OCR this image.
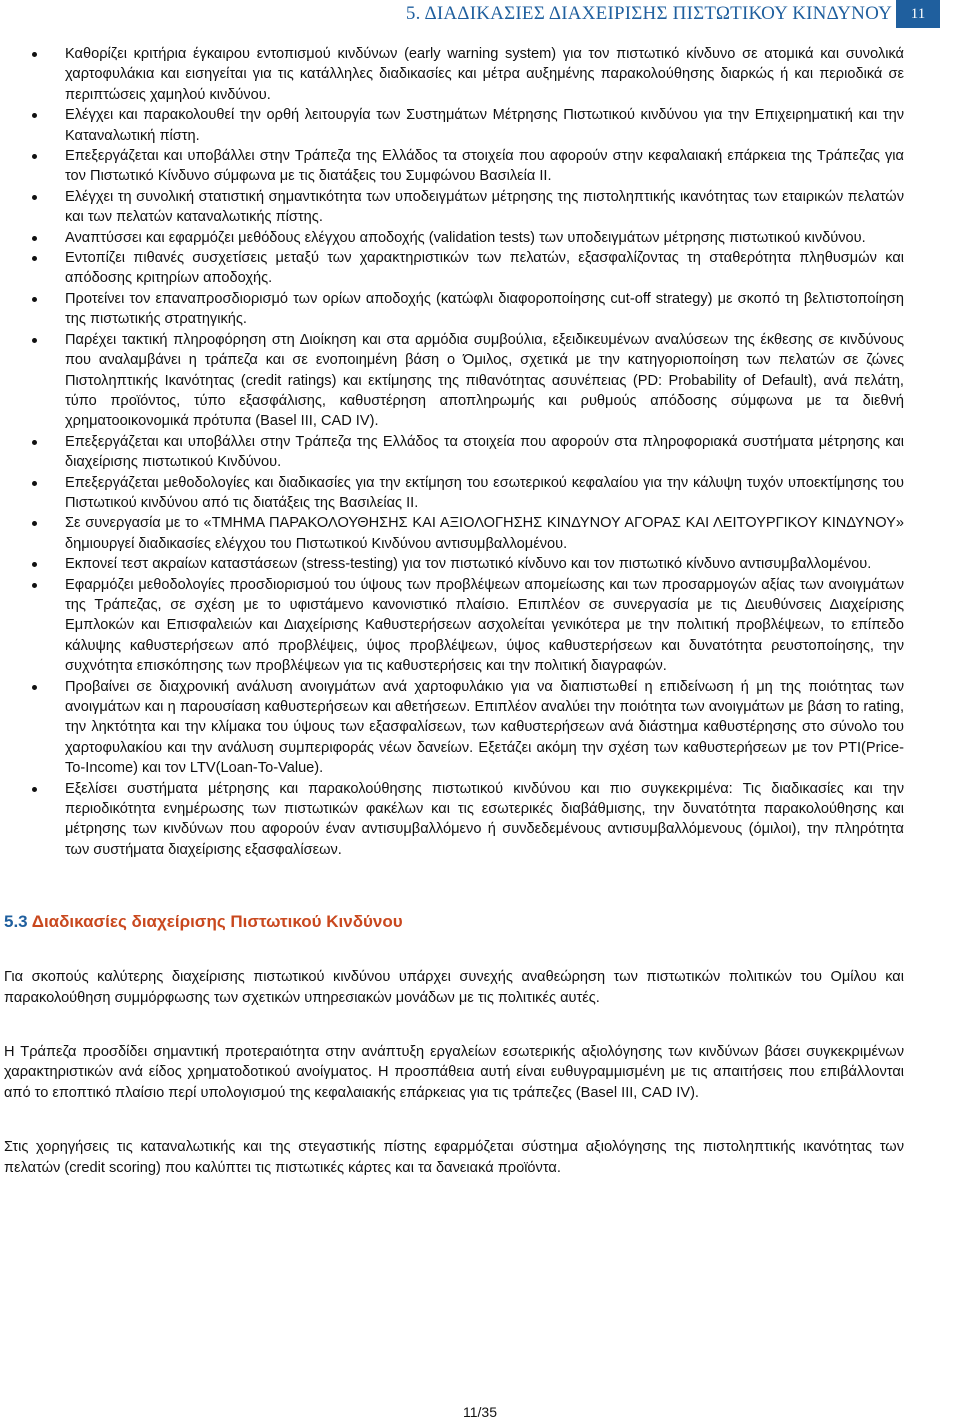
5. ΔΙΑΔΙΚΑΣΙΕΣ ΔΙΑΧΕΙΡΙΣΗΣ ΠΙΣΤΩΤΙΚΟΥ ΚΙΝΔΥΝΟΥ	11
Καθορίζει κριτήρια έγκαιρου εντοπισμού κινδύνων (early warning system) για τον πιστωτικό κίνδυνο σε ατομικά και συνολικά χαρτοφυλάκια και εισηγείται για τις κατάλληλες διαδικασίες και μέτρα αυξημένης παρακολούθησης διαρκώς ή και περιοδικά σε περιπτώσεις χαμηλού κινδύνου.
Ελέγχει και παρακολουθεί την ορθή λειτουργία των Συστημάτων Μέτρησης Πιστωτικού κινδύνου για την Επιχειρηματική και την Καταναλωτική πίστη.
Επεξεργάζεται και υποβάλλει στην Τράπεζα της Ελλάδος τα στοιχεία που αφορούν στην κεφαλαιακή επάρκεια της Τράπεζας για τον Πιστωτικό Κίνδυνο σύμφωνα με τις διατάξεις του Συμφώνου Βασιλεία ΙΙ.
Ελέγχει τη συνολική στατιστική σημαντικότητα των υποδειγμάτων μέτρησης της πιστοληπτικής ικανότητας των εταιρικών πελατών και των πελατών καταναλωτικής πίστης.
Αναπτύσσει και εφαρμόζει μεθόδους ελέγχου αποδοχής (validation tests) των υποδειγμάτων μέτρησης πιστωτικού κινδύνου.
Εντοπίζει πιθανές συσχετίσεις μεταξύ των χαρακτηριστικών των πελατών, εξασφαλίζοντας τη σταθερότητα πληθυσμών και απόδοσης κριτηρίων αποδοχής.
Προτείνει τον επαναπροσδιορισμό των ορίων αποδοχής (κατώφλι διαφοροποίησης cut-off strategy) με σκοπό τη βελτιστοποίηση της πιστωτικής στρατηγικής.
Παρέχει τακτική πληροφόρηση στη Διοίκηση και στα αρμόδια συμβούλια, εξειδικευμένων αναλύσεων της έκθεσης σε κινδύνους που αναλαμβάνει η τράπεζα και σε ενοποιημένη βάση ο Όμιλος, σχετικά με την κατηγοριοποίηση των πελατών σε ζώνες Πιστοληπτικής Ικανότητας (credit ratings) και εκτίμησης της πιθανότητας ασυνέπειας (PD: Probability of Default), ανά πελάτη, τύπο προϊόντος, τύπο εξασφάλισης, καθυστέρηση αποπληρωμής και ρυθμούς απόδοσης σύμφωνα με τα διεθνή χρηματοοικονομικά πρότυπα (Basel III, CAD IV).
Επεξεργάζεται και υποβάλλει στην Τράπεζα της Ελλάδος τα στοιχεία που αφορούν στα πληροφοριακά συστήματα μέτρησης και διαχείρισης πιστωτικού Κινδύνου.
Επεξεργάζεται μεθοδολογίες και διαδικασίες για την εκτίμηση του εσωτερικού κεφαλαίου για την κάλυψη τυχόν υποεκτίμησης του Πιστωτικού κινδύνου από τις διατάξεις της Βασιλείας ΙΙ.
Σε συνεργασία με το «ΤΜΗΜΑ ΠΑΡΑΚΟΛΟΥΘΗΣΗΣ ΚΑΙ ΑΞΙΟΛΟΓΗΣΗΣ ΚΙΝΔΥΝΟΥ ΑΓΟΡΑΣ ΚΑΙ ΛΕΙΤΟΥΡΓΙΚΟΥ ΚΙΝΔΥΝΟΥ» δημιουργεί διαδικασίες ελέγχου του Πιστωτικού Κινδύνου αντισυμβαλλομένου.
Εκπονεί τεστ ακραίων καταστάσεων (stress-testing) για τον πιστωτικό κίνδυνο και τον πιστωτικό κίνδυνο αντισυμβαλλομένου.
Εφαρμόζει μεθοδολογίες προσδιορισμού του ύψους των προβλέψεων απομείωσης και των προσαρμογών αξίας των ανοιγμάτων της Τράπεζας, σε σχέση με το υφιστάμενο κανονιστικό πλαίσιο. Επιπλέον σε συνεργασία με τις Διευθύνσεις Διαχείρισης Εμπλοκών και Επισφαλειών και Διαχείρισης Καθυστερήσεων ασχολείται γενικότερα με την πολιτική προβλέψεων, το επίπεδο κάλυψης καθυστερήσεων από προβλέψεις, ύψος προβλέψεων, ύψος καθυστερήσεων και δυνατότητα ρευστοποίησης, την συχνότητα επισκόπησης των προβλέψεων για τις καθυστερήσεις και την πολιτική διαγραφών.
Προβαίνει σε διαχρονική ανάλυση ανοιγμάτων ανά χαρτοφυλάκιο για να διαπιστωθεί η επιδείνωση ή μη της ποιότητας των ανοιγμάτων και η παρουσίαση καθυστερήσεων και αθετήσεων. Επιπλέον αναλύει την ποιότητα των ανοιγμάτων με βάση το rating, την ληκτότητα και την κλίμακα του ύψους των εξασφαλίσεων, των καθυστερήσεων ανά διάστημα καθυστέρησης στο σύνολο του χαρτοφυλακίου και την ανάλυση συμπεριφοράς νέων δανείων. Εξετάζει ακόμη την σχέση των καθυστερήσεων με τον PTI(Price-To-Income) και τον LTV(Loan-To-Value).
Εξελίσει συστήματα μέτρησης και παρακολούθησης πιστωτικού κινδύνου και πιο συγκεκριμένα: Τις διαδικασίες και την περιοδικότητα ενημέρωσης των πιστωτικών φακέλων και τις εσωτερικές διαβάθμισης, την δυνατότητα παρακολούθησης και μέτρησης των κινδύνων που αφορούν έναν αντισυμβαλλόμενο ή συνδεδεμένους αντισυμβαλλόμενους (όμιλοι), την πληρότητα των συστήματα διαχείρισης εξασφαλίσεων.
5.3 Διαδικασίες διαχείρισης Πιστωτικού Κινδύνου

Για σκοπούς καλύτερης διαχείρισης πιστωτικού κινδύνου υπάρχει συνεχής αναθεώρηση των πιστωτικών πολιτικών του Ομίλου και παρακολούθηση συμμόρφωσης των σχετικών υπηρεσιακών μονάδων με τις πολιτικές αυτές.

Η Τράπεζα προσδίδει σημαντική προτεραιότητα στην ανάπτυξη εργαλείων εσωτερικής αξιολόγησης των κινδύνων βάσει συγκεκριμένων χαρακτηριστικών ανά είδος χρηματοδοτικού ανοίγματος. Η προσπάθεια αυτή είναι ευθυγραμμισμένη με τις απαιτήσεις που επιβάλλονται από το εποπτικό πλαίσιο περί υπολογισμού της κεφαλαιακής επάρκειας για τις τράπεζες (Basel III, CAD IV).

Στις χορηγήσεις τις καταναλωτικής και της στεγαστικής πίστης εφαρμόζεται σύστημα αξιολόγησης της πιστοληπτικής ικανότητας των πελατών (credit scoring) που καλύπτει τις πιστωτικές κάρτες και τα δανειακά προϊόντα.

11/35
